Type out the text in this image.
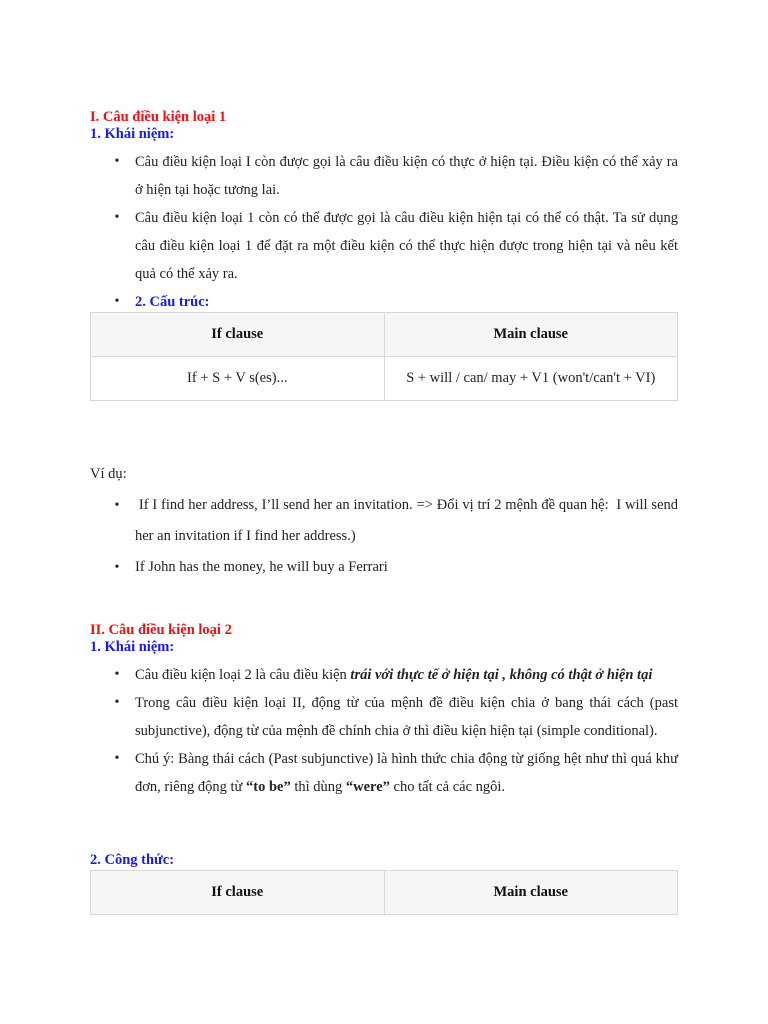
I. Câu điều kiện loại 1
1. Khái niệm:
• Câu điều kiện loại I còn được gọi là câu điều kiện có thực ở hiện tại. Điều kiện có thể xảy ra ở hiện tại hoặc tương lai.
• Câu điều kiện loại 1 còn có thể được gọi là câu điều kiện hiện tại có thể có thật. Ta sử dụng câu điều kiện loại 1 để đặt ra một điều kiện có thể thực hiện được trong hiện tại và nêu kết quả có thể xảy ra.
• 2. Cấu trúc:
If clause	Main clause
If + S + V s(es)...	S + will / can/ may + V1 (won't/can't + VI)
Ví dụ:
• If I find her address, I’ll send her an invitation. => Đổi vị trí 2 mệnh đề quan hệ:  I will send her an invitation if I find her address.)
• If John has the money, he will buy a Ferrari
II. Câu điều kiện loại 2
1. Khái niệm:
• Câu điều kiện loại 2 là câu điều kiện trái với thực tế ở hiện tại , không có thật ở hiện tại
• Trong câu điều kiện loại II, động từ của mệnh đề điều kiện chia ở bang thái cách (past subjunctive), động từ của mệnh đề chính chia ở thì điều kiện hiện tại (simple conditional).
• Chú ý: Bàng thái cách (Past subjunctive) là hình thức chia động từ giống hệt như thì quá khư đơn, riêng động từ “to be” thì dùng “were” cho tất cả các ngôi.
2. Công thức:
If clause	Main clause
